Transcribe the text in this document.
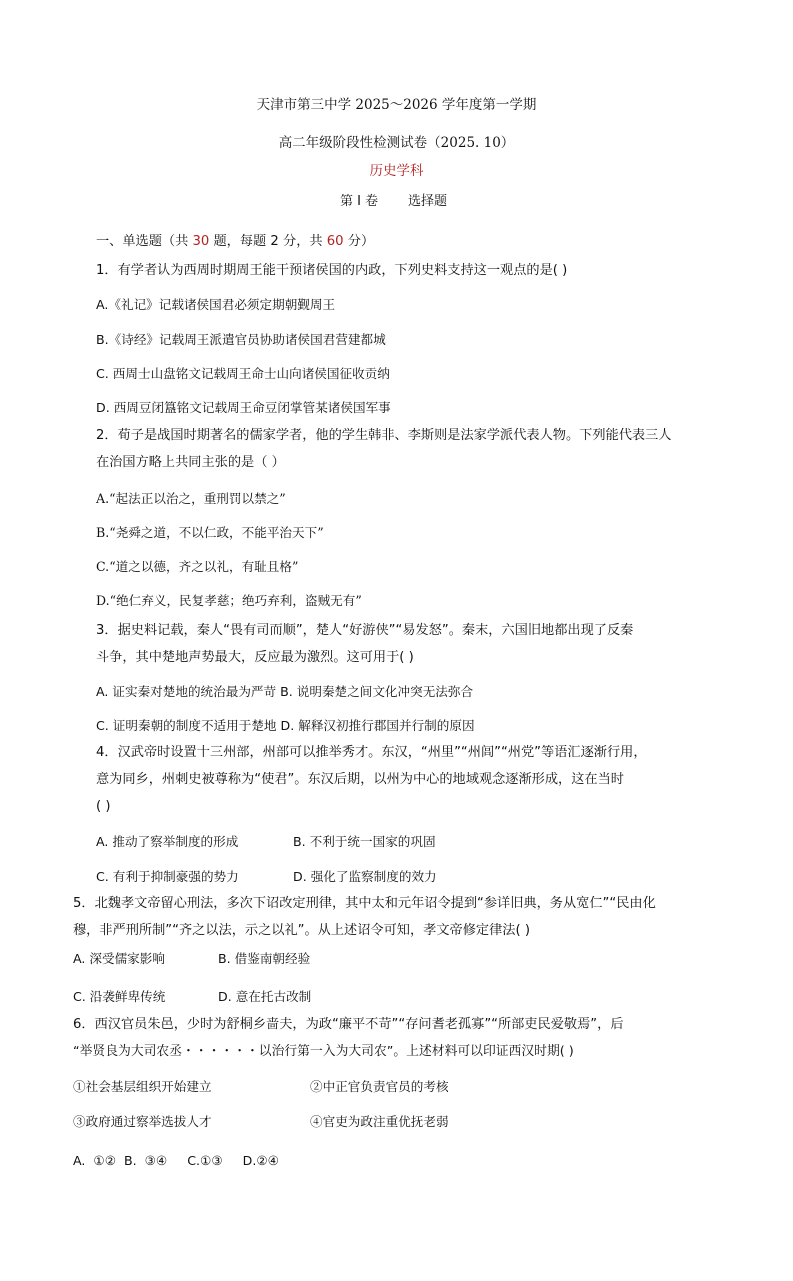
天津市第三中学 2025～2026 学年度第一学期
高二年级阶段性检测试卷（2025. 10）
历史学科
第 I 卷 选择题
一、单选题（共 30 题，每题 2 分，共 60 分）
1．有学者认为西周时期周王能干预诸侯国的内政，下列史料支持这一观点的是( )
A.《礼记》记载诸侯国君必须定期朝觐周王
B.《诗经》记载周王派遣官员协助诸侯国君营建都城
C. 西周士山盘铭文记载周王命士山向诸侯国征收贡纳
D. 西周豆闭簋铭文记载周王命豆闭掌管某诸侯国军事
2．荀子是战国时期著名的儒家学者，他的学生韩非、李斯则是法家学派代表人物。下列能代表三人
在治国方略上共同主张的是（ ）
A.“起法正以治之，重刑罚以禁之”
B.“尧舜之道，不以仁政，不能平治天下”
C.“道之以德，齐之以礼，有耻且格”
D.“绝仁弃义，民复孝慈；绝巧弃利，盗贼无有”
3．据史料记载，秦人“畏有司而顺”，楚人“好游侠”“易发怒”。秦末，六国旧地都出现了反秦
斗争，其中楚地声势最大，反应最为激烈。这可用于( )
A. 证实秦对楚地的统治最为严苛 B. 说明秦楚之间文化冲突无法弥合
C. 证明秦朝的制度不适用于楚地 D. 解释汉初推行郡国并行制的原因
4．汉武帝时设置十三州部，州部可以推举秀才。东汉，“州里”“州闾”“州党”等语汇逐渐行用，
意为同乡，州刺史被尊称为“使君”。东汉后期，以州为中心的地域观念逐渐形成，这在当时
( )
A. 推动了察举制度的形成	B. 不利于统一国家的巩固
C. 有利于抑制豪强的势力	D. 强化了监察制度的效力
5．北魏孝文帝留心刑法，多次下诏改定刑律，其中太和元年诏令提到“参详旧典，务从宽仁”“民由化
穆，非严刑所制”“齐之以法，示之以礼”。从上述诏令可知，孝文帝修定律法( )
A. 深受儒家影响	B. 借鉴南朝经验
C. 沿袭鲜卑传统	D. 意在托古改制
6．西汉官员朱邑，少时为舒桐乡啬夫，为政“廉平不苛”“存问耆老孤寡”“所部吏民爱敬焉”，后
“举贤良为大司农丞・・・・・・以治行第一入为大司农”。上述材料可以印证西汉时期( )
①社会基层组织开始建立	②中正官负责官员的考核
③政府通过察举选拔人才	④官吏为政注重优抚老弱
A.  ①②  B.  ③④     C.①③     D.②④
